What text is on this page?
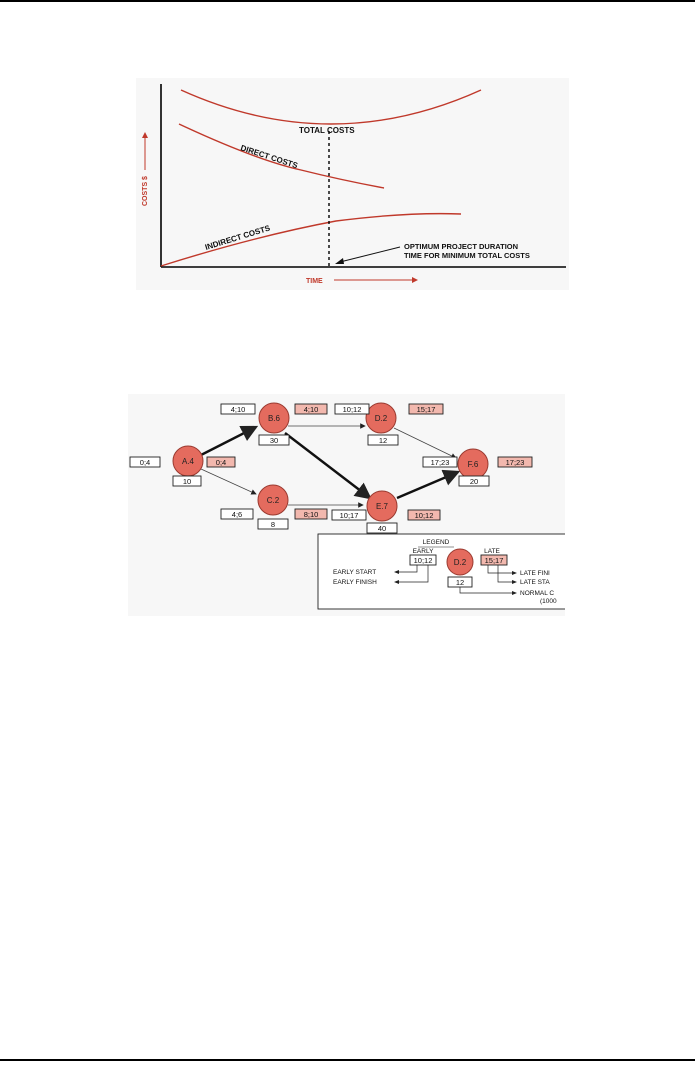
TOTAL COSTS
DIRECT COSTS
INDIRECT COSTS
COSTS $
TIME
OPTIMUM PROJECT DURATION
TIME FOR MINIMUM TOTAL COSTS
A.4
0;4	0;4
10
B.6
4;10	4;10
30
C.2
4;6	8;10
8
D.2
10;12	15;17
12
E.7
10;17	10;12
40
F.6
17;23	17;23
20
LEGEND
EARLY	LATE
10;12	15;17
D.2
12
EARLY START
EARLY FINISH
LATE FINI
LATE STA
NORMAL C
(1000
